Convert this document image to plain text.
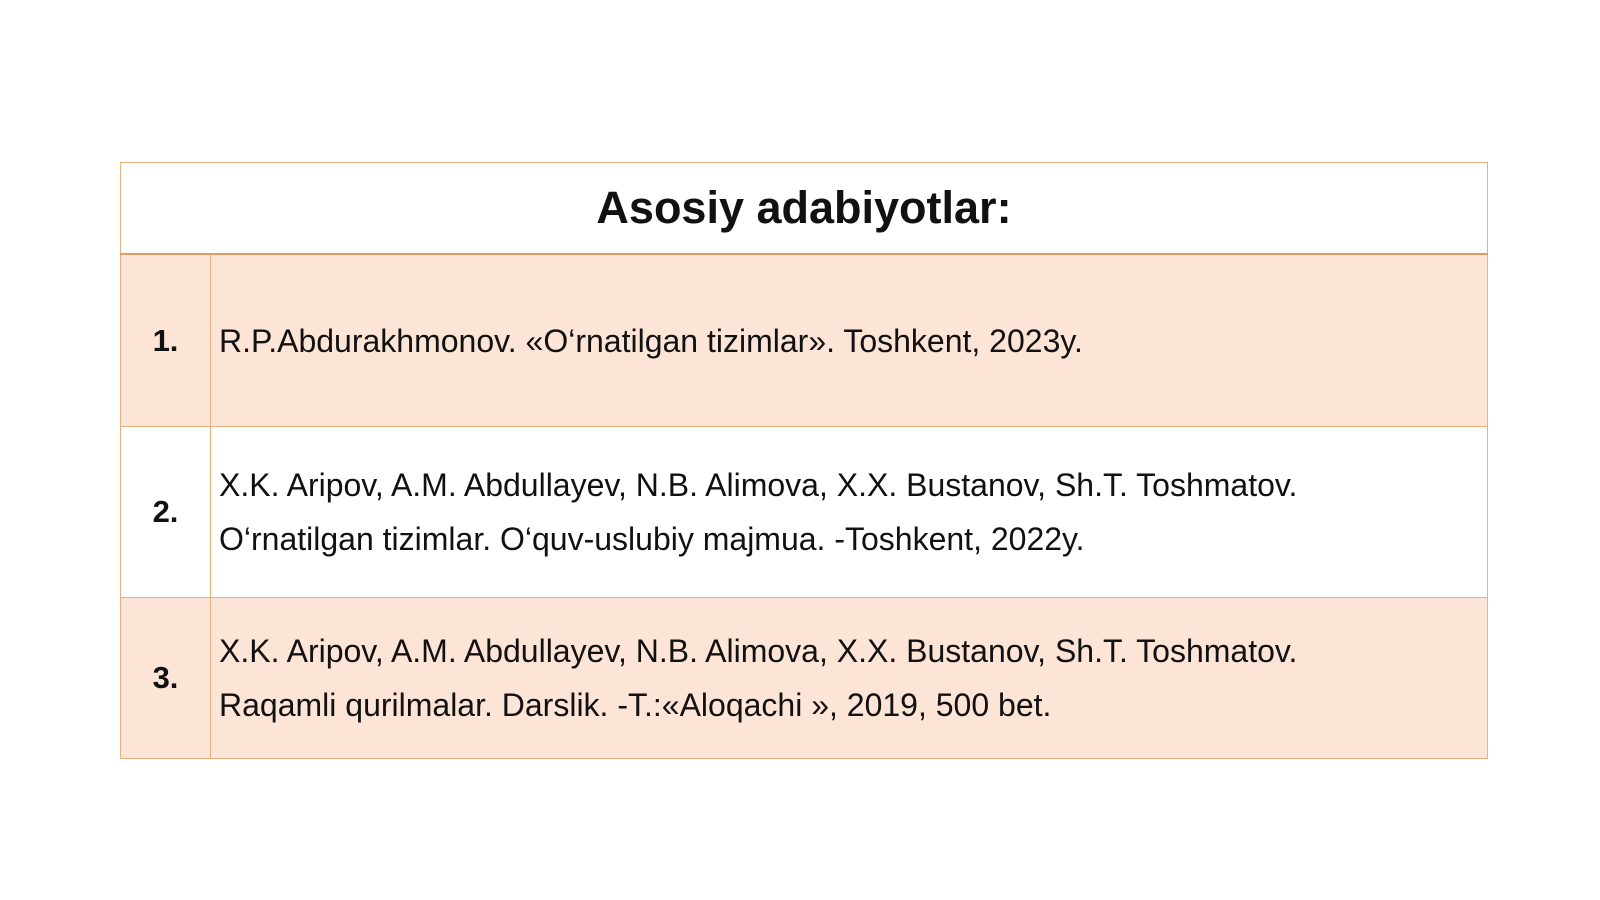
Asosiy adabiyotlar:	
1.	R.P.Abdurakhmonov. «O‘rnatilgan tizimlar». Toshkent, 2023y.

2.	X.K. Aripov, A.M. Abdullayev, N.B. Alimova, X.X. Bustanov, Sh.T. Toshmatov.
O‘rnatilgan tizimlar. O‘quv-uslubiy majmua. -Toshkent, 2022y.

3.	X.K. Aripov, A.M. Abdullayev, N.B. Alimova, X.X. Bustanov, Sh.T. Toshmatov.
Raqamli qurilmalar. Darslik. -T.:«Aloqachi », 2019, 500 bet.
